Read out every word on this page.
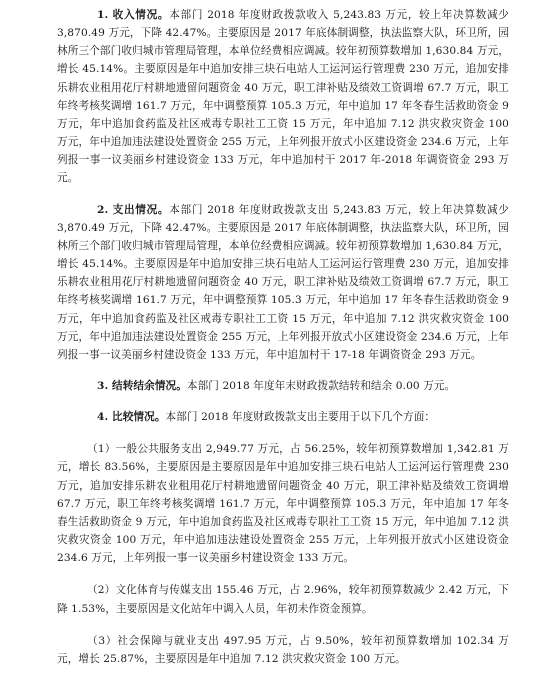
1. 收入情况。本部门 2018 年度财政拨款收入 5,243.83 万元，较上年决算数减少 3,870.49 万元，下降 42.47%。主要原因是 2017 年底体制调整，执法监察大队，环卫所，园林所三个部门收归城市管理局管理，本单位经费相应调减。较年初预算数增加 1,630.84 万元，增长 45.14%。主要原因是年中追加安排三块石电站人工运河运行管理费 230 万元，追加安排乐耕农业租用花厅村耕地遗留问题资金 40 万元，职工津补贴及绩效工资调增 67.7 万元，职工年终考核奖调增 161.7 万元，年中调整预算 105.3 万元，年中追加 17 年冬春生活救助资金 9 万元，年中追加食药监及社区戒毒专职社工工资 15 万元，年中追加 7.12 洪灾救灾资金 100 万元，年中追加违法建设处置资金 255 万元，上年列报开放式小区建设资金 234.6 万元，上年列报一事一议美丽乡村建设资金 133 万元，年中追加村干 2017 年-2018 年调资资金 293 万元。

2. 支出情况。本部门 2018 年度财政拨款支出 5,243.83 万元，较上年决算数减少 3,870.49 万元，下降 42.47%。主要原因是 2017 年底体制调整，执法监察大队，环卫所，园林所三个部门收归城市管理局管理，本单位经费相应调减。较年初预算数增加 1,630.84 万元，增长 45.14%。主要原因是年中追加安排三块石电站人工运河运行管理费 230 万元，追加安排乐耕农业租用花厅村耕地遗留问题资金 40 万元，职工津补贴及绩效工资调增 67.7 万元，职工年终考核奖调增 161.7 万元，年中调整预算 105.3 万元，年中追加 17 年冬春生活救助资金 9 万元，年中追加食药监及社区戒毒专职社工工资 15 万元，年中追加 7.12 洪灾救灾资金 100 万元，年中追加违法建设处置资金 255 万元，上年列报开放式小区建设资金 234.6 万元，上年列报一事一议美丽乡村建设资金 133 万元，年中追加村干 17-18 年调资资金 293 万元。

3. 结转结余情况。本部门 2018 年度年末财政拨款结转和结余 0.00 万元。

4. 比较情况。本部门 2018 年度财政拨款支出主要用于以下几个方面：

（1）一般公共服务支出 2,949.77 万元，占 56.25%，较年初预算数增加 1,342.81 万元，增长 83.56%，主要原因是主要原因是年中追加安排三块石电站人工运河运行管理费 230 万元，追加安排乐耕农业租用花厅村耕地遗留问题资金 40 万元，职工津补贴及绩效工资调增 67.7 万元，职工年终考核奖调增 161.7 万元，年中调整预算 105.3 万元，年中追加 17 年冬春生活救助资金 9 万元，年中追加食药监及社区戒毒专职社工工资 15 万元，年中追加 7.12 洪灾救灾资金 100 万元，年中追加违法建设处置资金 255 万元，上年列报开放式小区建设资金 234.6 万元，上年列报一事一议美丽乡村建设资金 133 万元。

（2）文化体育与传媒支出 155.46 万元，占 2.96%，较年初预算数减少 2.42 万元，下降 1.53%，主要原因是文化站年中调入人员，年初未作资金预算。

（3）社会保障与就业支出 497.95 万元，占 9.50%，较年初预算数增加 102.34 万元，增长 25.87%，主要原因是年中追加 7.12 洪灾救灾资金 100 万元。
